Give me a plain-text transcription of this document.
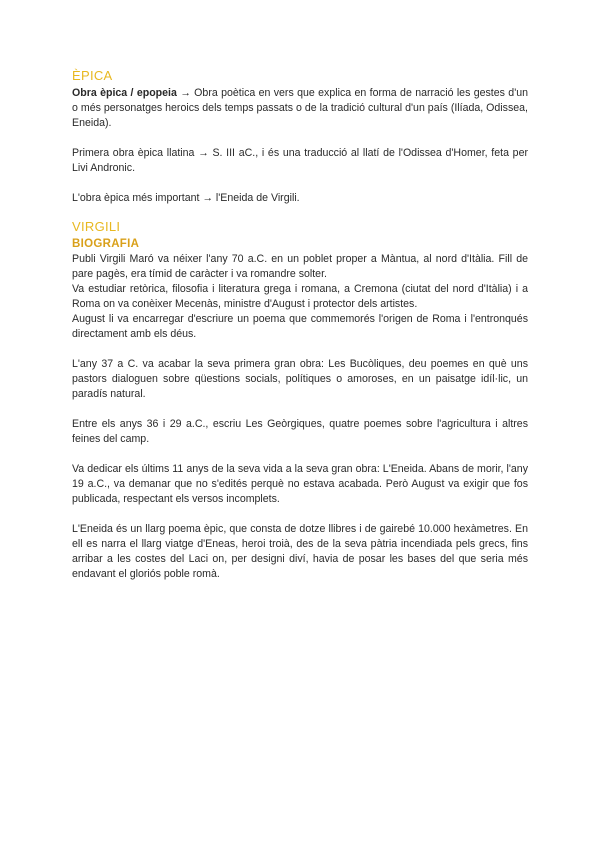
ÈPICA

Obra èpica / epopeia → Obra poètica en vers que explica en forma de narració les gestes d'un o més personatges heroics dels temps passats o de la tradició cultural d'un país (Ilíada, Odissea, Eneida).

Primera obra èpica llatina → S. III aC., i és una traducció al llatí de l'Odissea d'Homer, feta per Livi Andronic.

L'obra èpica més important → l'Eneida de Virgili.

VIRGILI
BIOGRAFIA

Publi Virgili Maró va néixer l'any 70 a.C. en un poblet proper a Màntua, al nord d'Itàlia. Fill de pare pagès, era tímid de caràcter i va romandre solter.

Va estudiar retòrica, filosofia i literatura grega i romana, a Cremona (ciutat del nord d'Itàlia) i a Roma on va conèixer Mecenàs, ministre d'August i protector dels artistes.

August li va encarregar d'escriure un poema que commemorés l'origen de Roma i l'entronqués directament amb els déus.

L'any 37 a C. va acabar la seva primera gran obra: Les Bucòliques, deu poemes en què uns pastors dialoguen sobre qüestions socials, polítiques o amoroses, en un paisatge idíl·lic, un paradís natural.

Entre els anys 36 i 29 a.C., escriu Les Geòrgiques, quatre poemes sobre l'agricultura i altres feines del camp.

Va dedicar els últims 11 anys de la seva vida a la seva gran obra: L'Eneida. Abans de morir, l'any 19 a.C., va demanar que no s'edités perquè no estava acabada. Però August va exigir que fos publicada, respectant els versos incomplets.

L'Eneida és un llarg poema èpic, que consta de dotze llibres i de gairebé 10.000 hexàmetres. En ell es narra el llarg viatge d'Eneas, heroi troià, des de la seva pàtria incendiada pels grecs, fins arribar a les costes del Laci on, per designi diví, havia de posar les bases del que seria més endavant el gloriós poble romà.
